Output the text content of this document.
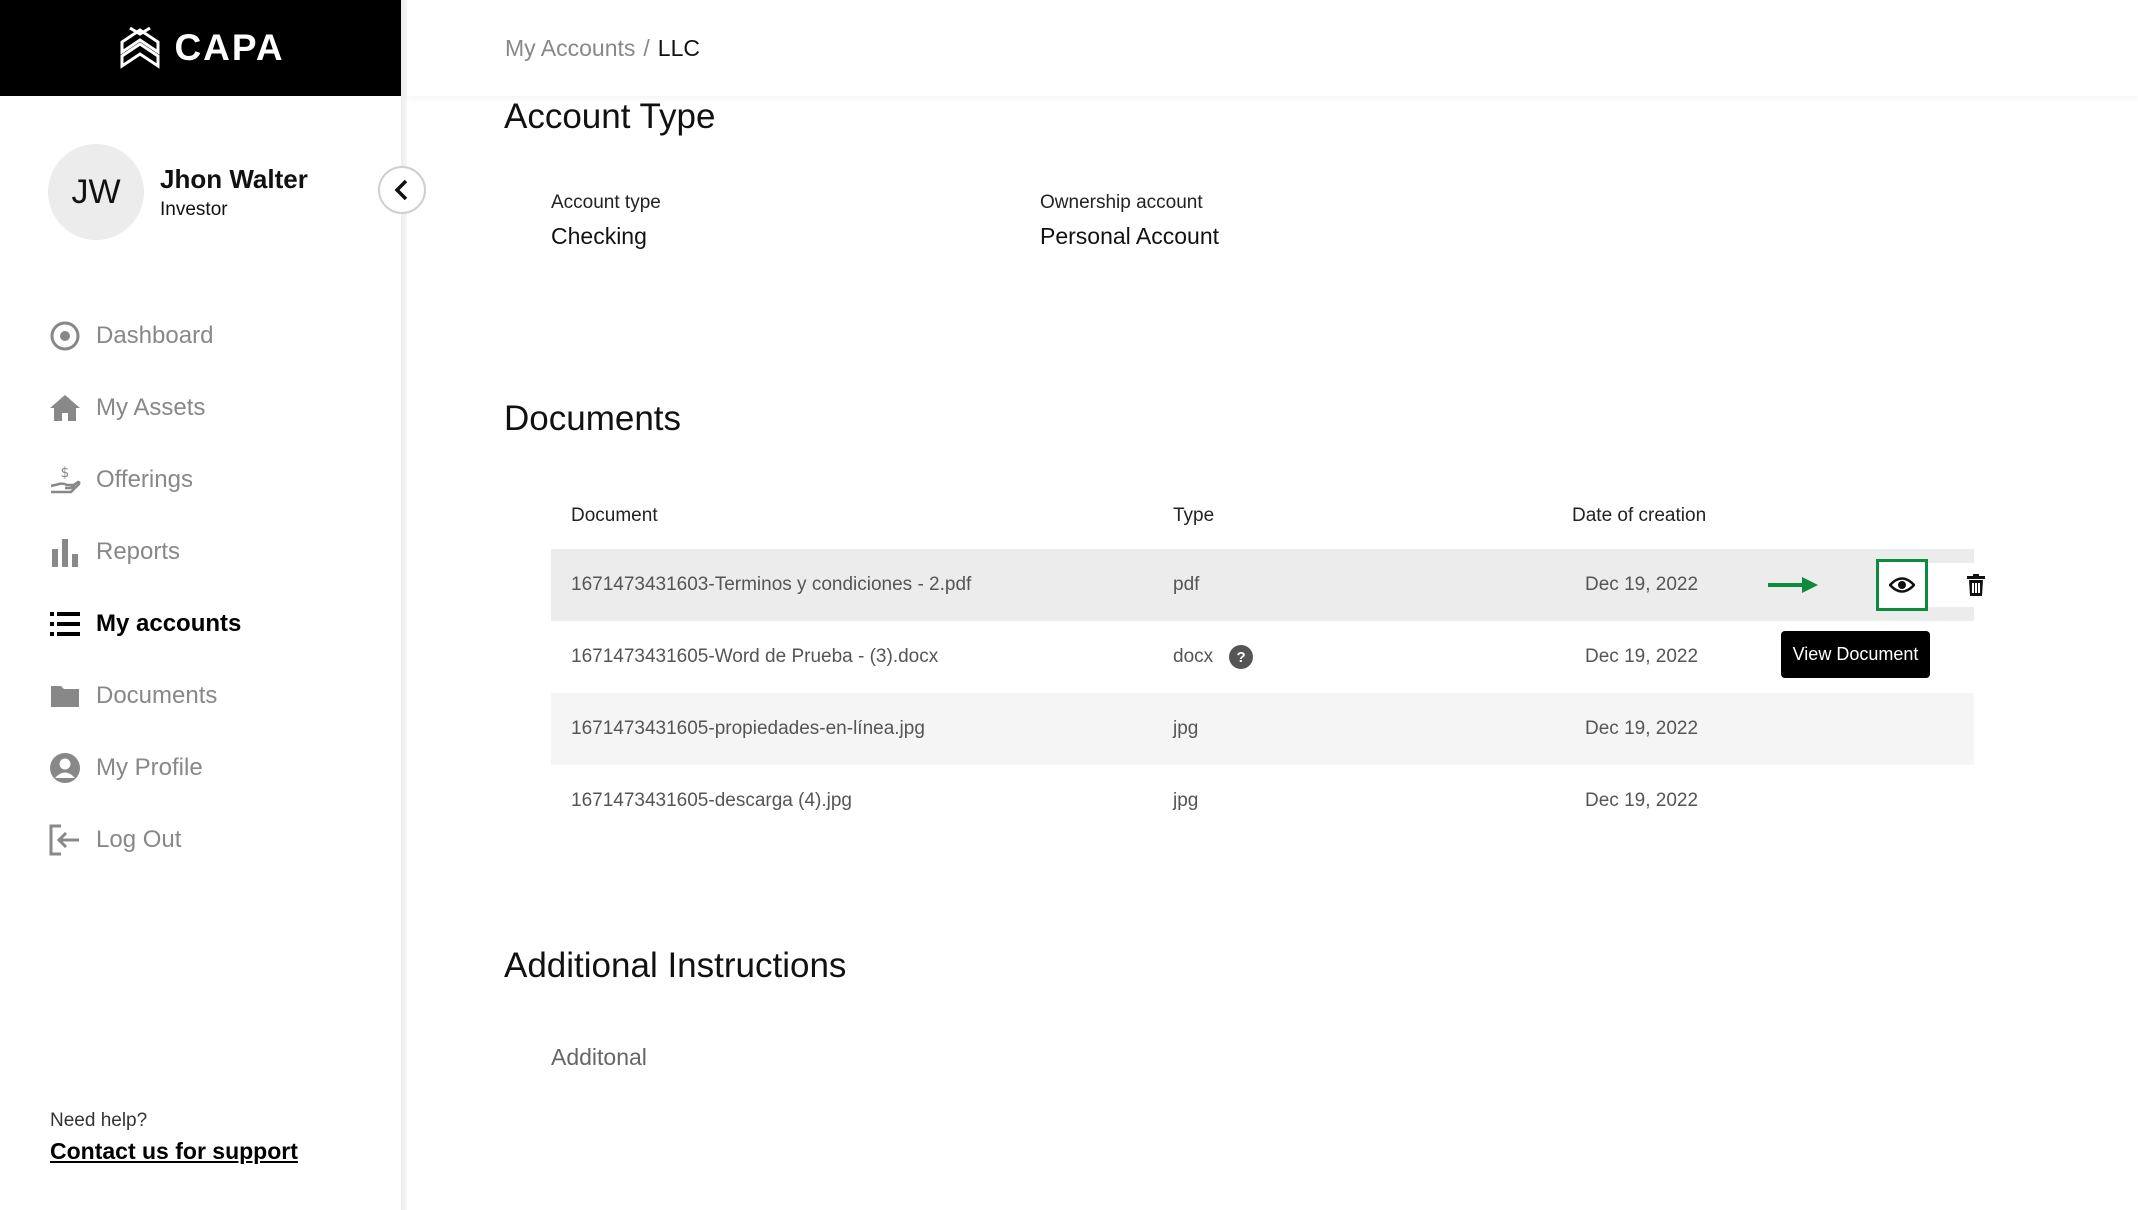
CAPA
JW	Jhon Walter
Investor
Dashboard
My Assets
$ Offerings
Reports
My accounts
Documents
My Profile
Log Out
Need help?
Contact us for support
My Accounts / LLC
Account Type
Account type
Checking
Ownership account
Personal Account
Documents
Document	Type	Date of creation
1671473431603-Terminos y condiciones - 2.pdf	pdf	Dec 19, 2022
1671473431605-Word de Prueba - (3).docx	docx	?	Dec 19, 2022	View Document
1671473431605-propiedades-en-línea.jpg	jpg	Dec 19, 2022
1671473431605-descarga (4).jpg	jpg	Dec 19, 2022
Additional Instructions
Additonal
